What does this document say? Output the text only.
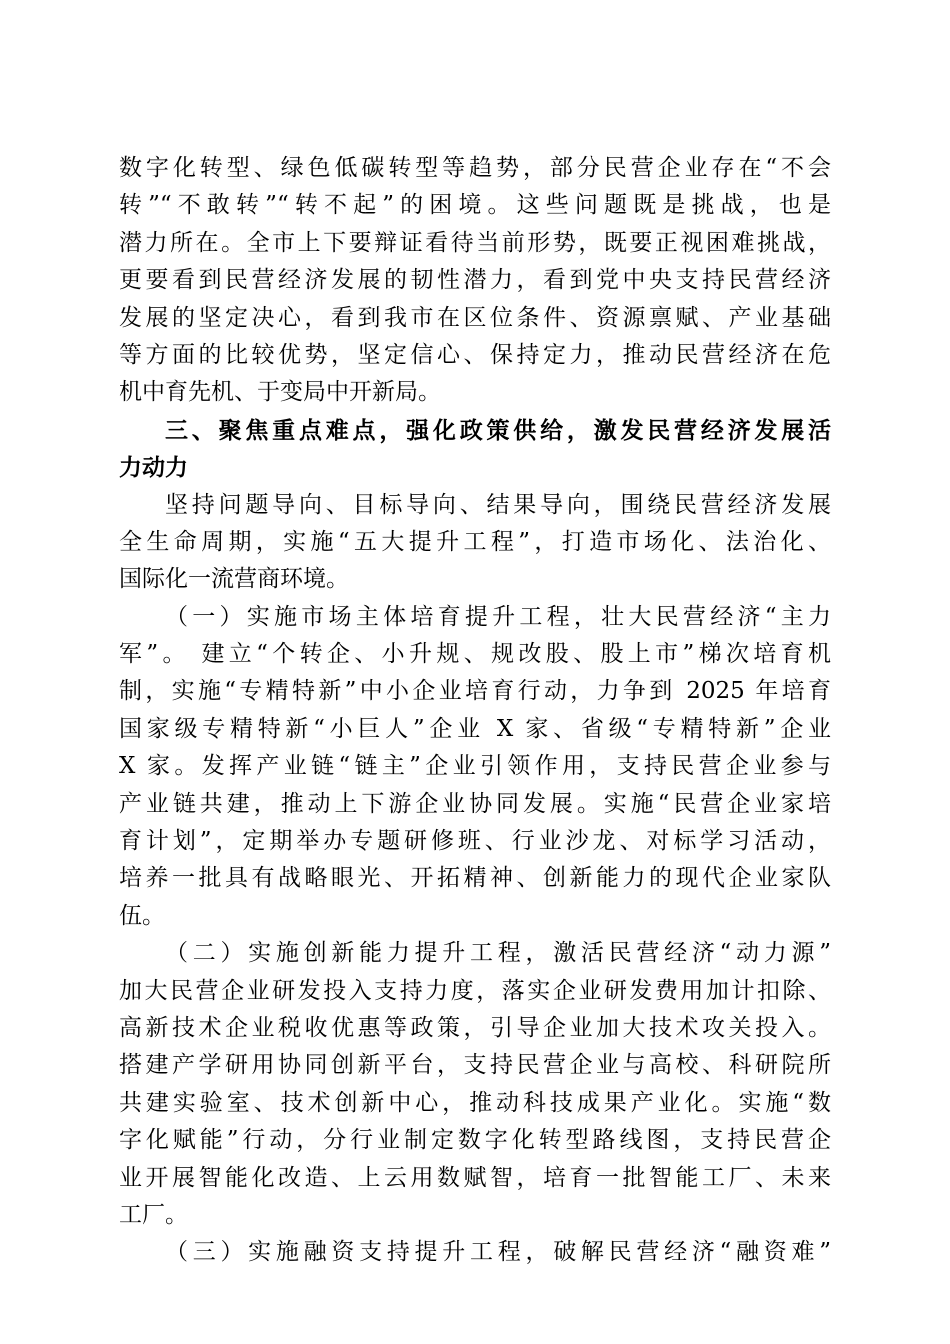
数字化转型、绿色低碳转型等趋势，部分民营企业存在“不会
转”“不敢转”“转不起”的困境。这些问题既是挑战，也是
潜力所在。全市上下要辩证看待当前形势，既要正视困难挑战，
更要看到民营经济发展的韧性潜力，看到党中央支持民营经济
发展的坚定决心，看到我市在区位条件、资源禀赋、产业基础
等方面的比较优势，坚定信心、保持定力，推动民营经济在危
机中育先机、于变局中开新局。
三、聚焦重点难点，强化政策供给，激发民营经济发展活
力动力
坚持问题导向、目标导向、结果导向，围绕民营经济发展
全生命周期，实施“五大提升工程”，打造市场化、法治化、
国际化一流营商环境。
（一）实施市场主体培育提升工程，壮大民营经济“主力
军”。 建立“个转企、小升规、规改股、股上市”梯次培育机
制，实施“专精特新”中小企业培育行动，力争到 2025 年培育
国家级专精特新“小巨人”企业 X 家、省级“专精特新”企业
X 家。发挥产业链“链主”企业引领作用，支持民营企业参与
产业链共建，推动上下游企业协同发展。实施“民营企业家培
育计划”，定期举办专题研修班、行业沙龙、对标学习活动，
培养一批具有战略眼光、开拓精神、创新能力的现代企业家队
伍。
（二）实施创新能力提升工程，激活民营经济“动力源”
加大民营企业研发投入支持力度，落实企业研发费用加计扣除、
高新技术企业税收优惠等政策，引导企业加大技术攻关投入。
搭建产学研用协同创新平台，支持民营企业与高校、科研院所
共建实验室、技术创新中心，推动科技成果产业化。实施“数
字化赋能”行动，分行业制定数字化转型路线图，支持民营企
业开展智能化改造、上云用数赋智，培育一批智能工厂、未来
工厂。
（三）实施融资支持提升工程，破解民营经济“融资难”
